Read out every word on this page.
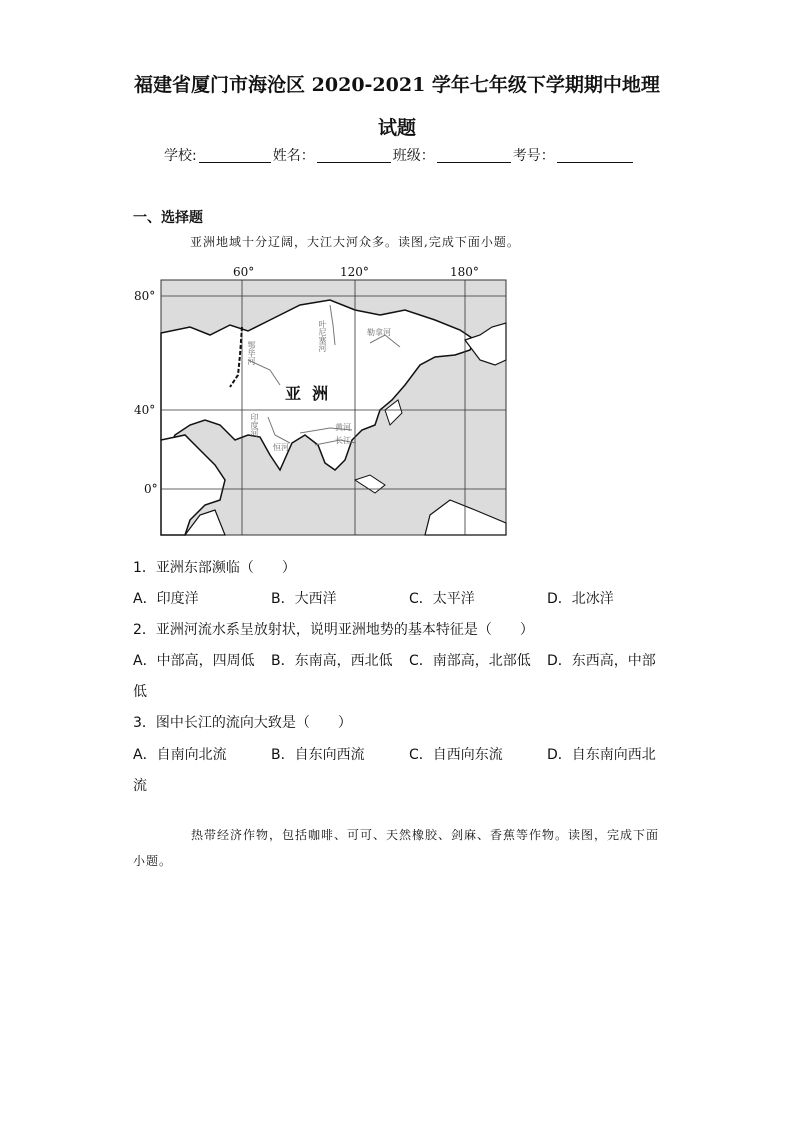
福建省厦门市海沧区 2020-2021 学年七年级下学期期中地理
试题
学校:	姓名：	班级：	考号：
一、选择题
亚洲地域十分辽阔，大江大河众多。读图,完成下面小题。
60°	120°	180°
80°
40°
0°
亚  洲
鄂毕河
叶尼塞河	勒拿河
印度河
恒河
黄河
长江
1．亚洲东部濒临（　　）
A．印度洋	B．大西洋	C．太平洋	D．北冰洋
2．亚洲河流水系呈放射状，说明亚洲地势的基本特征是（　　）
A．中部高，四周低	B．东南高，西北低	C．南部高，北部低	D．东西高，中部
低
3．图中长江的流向大致是（　　）
A．自南向北流	B．自东向西流	C．自西向东流	D．自东南向西北
流
热带经济作物，包括咖啡、可可、天然橡胶、剑麻、香蕉等作物。读图，完成下面小题。
